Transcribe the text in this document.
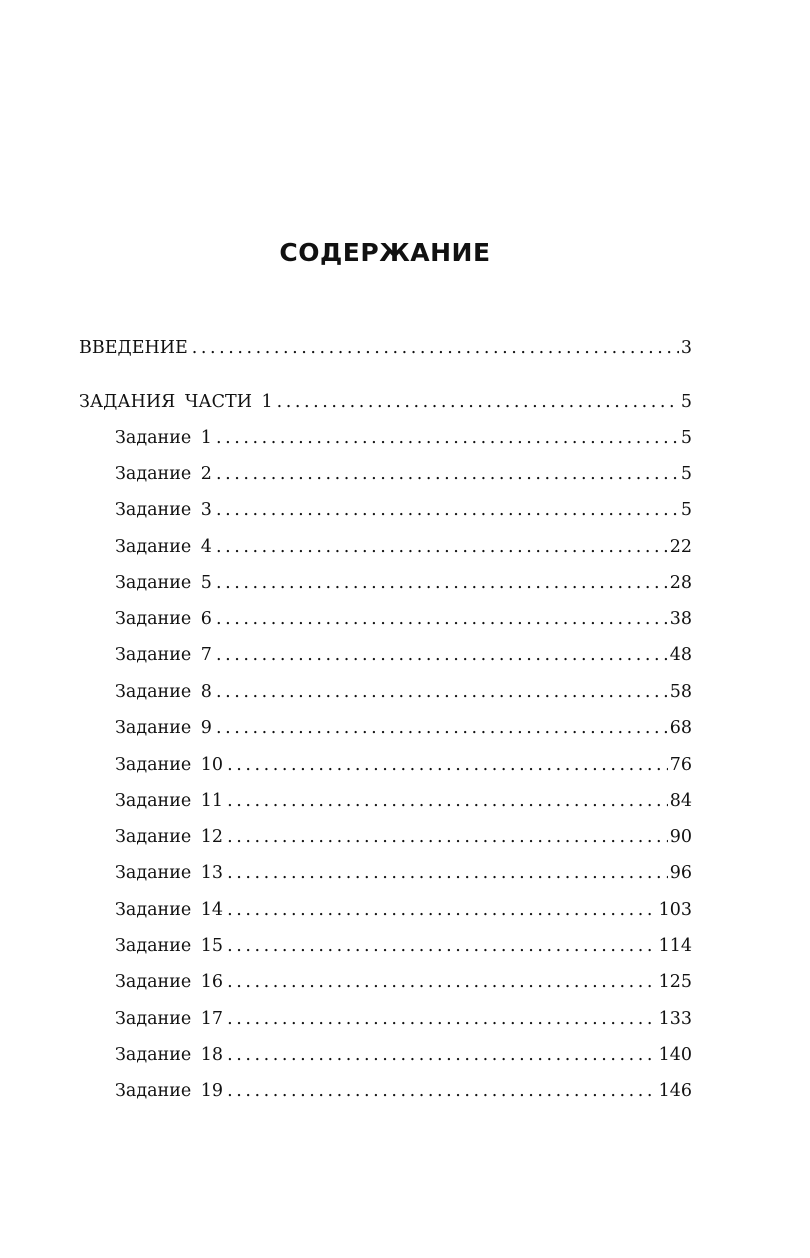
СОДЕРЖАНИЕ
ВВЕДЕНИЕ . . .	3
ЗАДАНИЯ ЧАСТИ 1 . . .	5
Задание 1 . . .	5
Задание 2 . . .	5
Задание 3 . . .	5
Задание 4 . . .	22
Задание 5 . . .	28
Задание 6 . . .	38
Задание 7 . . .	48
Задание 8 . . .	58
Задание 9 . . .	68
Задание 10 . . .	76
Задание 11 . . .	84
Задание 12 . . .	90
Задание 13 . . .	96
Задание 14 . . .	103
Задание 15 . . .	114
Задание 16 . . .	125
Задание 17 . . .	133
Задание 18 . . .	140
Задание 19 . . .	146
